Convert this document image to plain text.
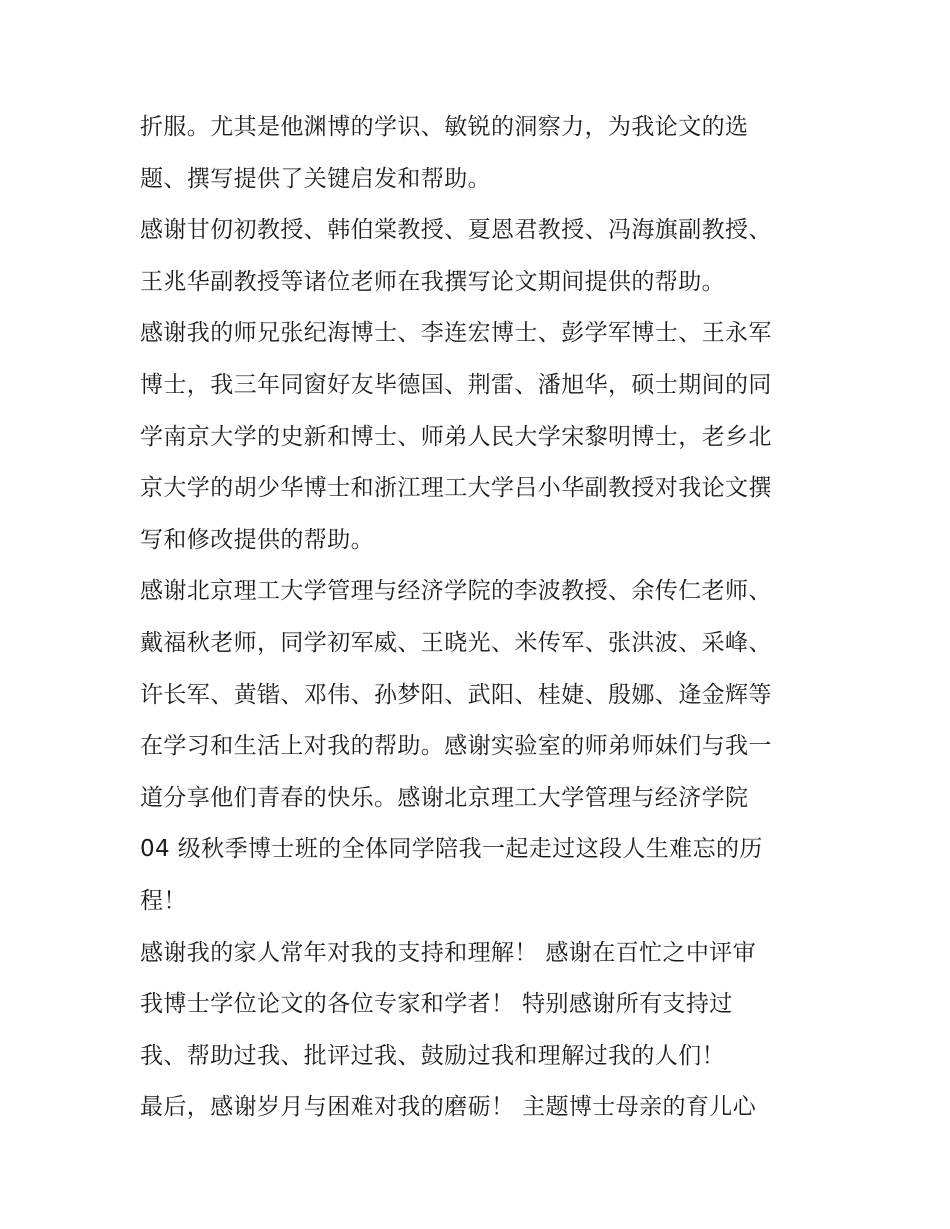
折服。尤其是他渊博的学识、敏锐的洞察力，为我论文的选
题、撰写提供了关键启发和帮助。
感谢甘仞初教授、韩伯棠教授、夏恩君教授、冯海旗副教授、
王兆华副教授等诸位老师在我撰写论文期间提供的帮助。
感谢我的师兄张纪海博士、李连宏博士、彭学军博士、王永军
博士，我三年同窗好友毕德国、荆雷、潘旭华，硕士期间的同
学南京大学的史新和博士、师弟人民大学宋黎明博士，老乡北
京大学的胡少华博士和浙江理工大学吕小华副教授对我论文撰
写和修改提供的帮助。
感谢北京理工大学管理与经济学院的李波教授、余传仁老师、
戴福秋老师，同学初军威、王晓光、米传军、张洪波、采峰、
许长军、黄锴、邓伟、孙梦阳、武阳、桂婕、殷娜、逄金辉等
在学习和生活上对我的帮助。感谢实验室的师弟师妹们与我一
道分享他们青春的快乐。感谢北京理工大学管理与经济学院
04 级秋季博士班的全体同学陪我一起走过这段人生难忘的历
程！
感谢我的家人常年对我的支持和理解！ 感谢在百忙之中评审
我博士学位论文的各位专家和学者！ 特别感谢所有支持过
我、帮助过我、批评过我、鼓励过我和理解过我的人们！
最后，感谢岁月与困难对我的磨砺！ 主题博士母亲的育儿心
